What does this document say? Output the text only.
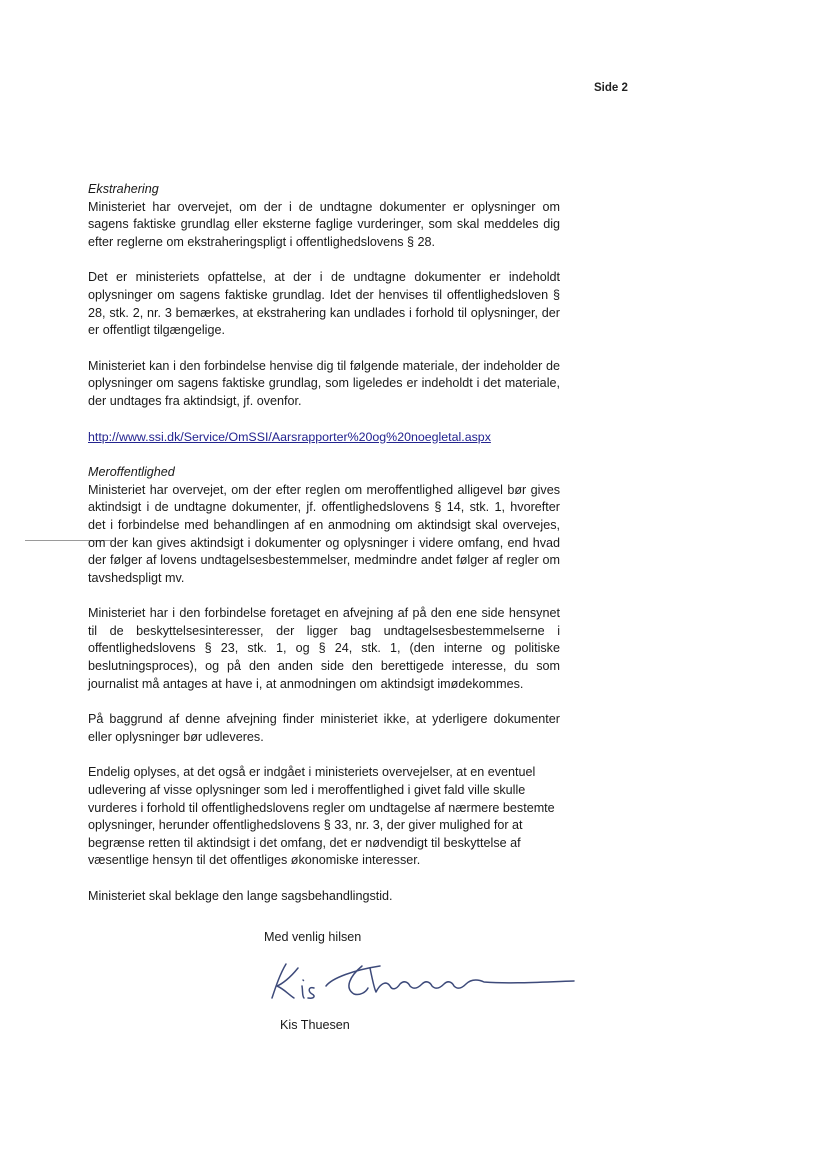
Side 2
Ekstrahering

Ministeriet har overvejet, om der i de undtagne dokumenter er oplysninger om sagens faktiske grundlag eller eksterne faglige vurderinger, som skal meddeles dig efter reglerne om ekstraheringspligt i offentlighedslovens § 28.

Det er ministeriets opfattelse, at der i de undtagne dokumenter er indeholdt oplysninger om sagens faktiske grundlag. Idet der henvises til offentlighedsloven § 28, stk. 2, nr. 3 bemærkes, at ekstrahering kan undlades i forhold til oplysninger, der er offentligt tilgængelige.

Ministeriet kan i den forbindelse henvise dig til følgende materiale, der indeholder de oplysninger om sagens faktiske grundlag, som ligeledes er indeholdt i det materiale, der undtages fra aktindsigt, jf. ovenfor.

http://www.ssi.dk/Service/OmSSI/Aarsrapporter%20og%20noegletal.aspx
Meroffentlighed

Ministeriet har overvejet, om der efter reglen om meroffentlighed alligevel bør gives aktindsigt i de undtagne dokumenter, jf. offentlighedslovens § 14, stk. 1, hvorefter det i forbindelse med behandlingen af en anmodning om aktindsigt skal overvejes, om der kan gives aktindsigt i dokumenter og oplysninger i videre omfang, end hvad der følger af lovens undtagelsesbestemmelser, medmindre andet følger af regler om tavshedspligt mv.

Ministeriet har i den forbindelse foretaget en afvejning af på den ene side hensynet til de beskyttelsesinteresser, der ligger bag undtagelsesbestemmelserne i offentlighedslovens § 23, stk. 1, og § 24, stk. 1, (den interne og politiske beslutningsproces), og på den anden side den berettigede interesse, du som journalist må antages at have i, at anmodningen om aktindsigt imødekommes.

På baggrund af denne afvejning finder ministeriet ikke, at yderligere dokumenter eller oplysninger bør udleveres.

Endelig oplyses, at det også er indgået i ministeriets overvejelser, at en eventuel udlevering af visse oplysninger som led i meroffentlighed i givet fald ville skulle vurderes i forhold til offentlighedslovens regler om undtagelse af nærmere bestemte oplysninger, herunder offentlighedslovens § 33, nr. 3, der giver mulighed for at begrænse retten til aktindsigt i det omfang, det er nødvendigt til beskyttelse af væsentlige hensyn til det offentliges økonomiske interesser.

Ministeriet skal beklage den lange sagsbehandlingstid.

Med venlig hilsen
Kis Thuesen
